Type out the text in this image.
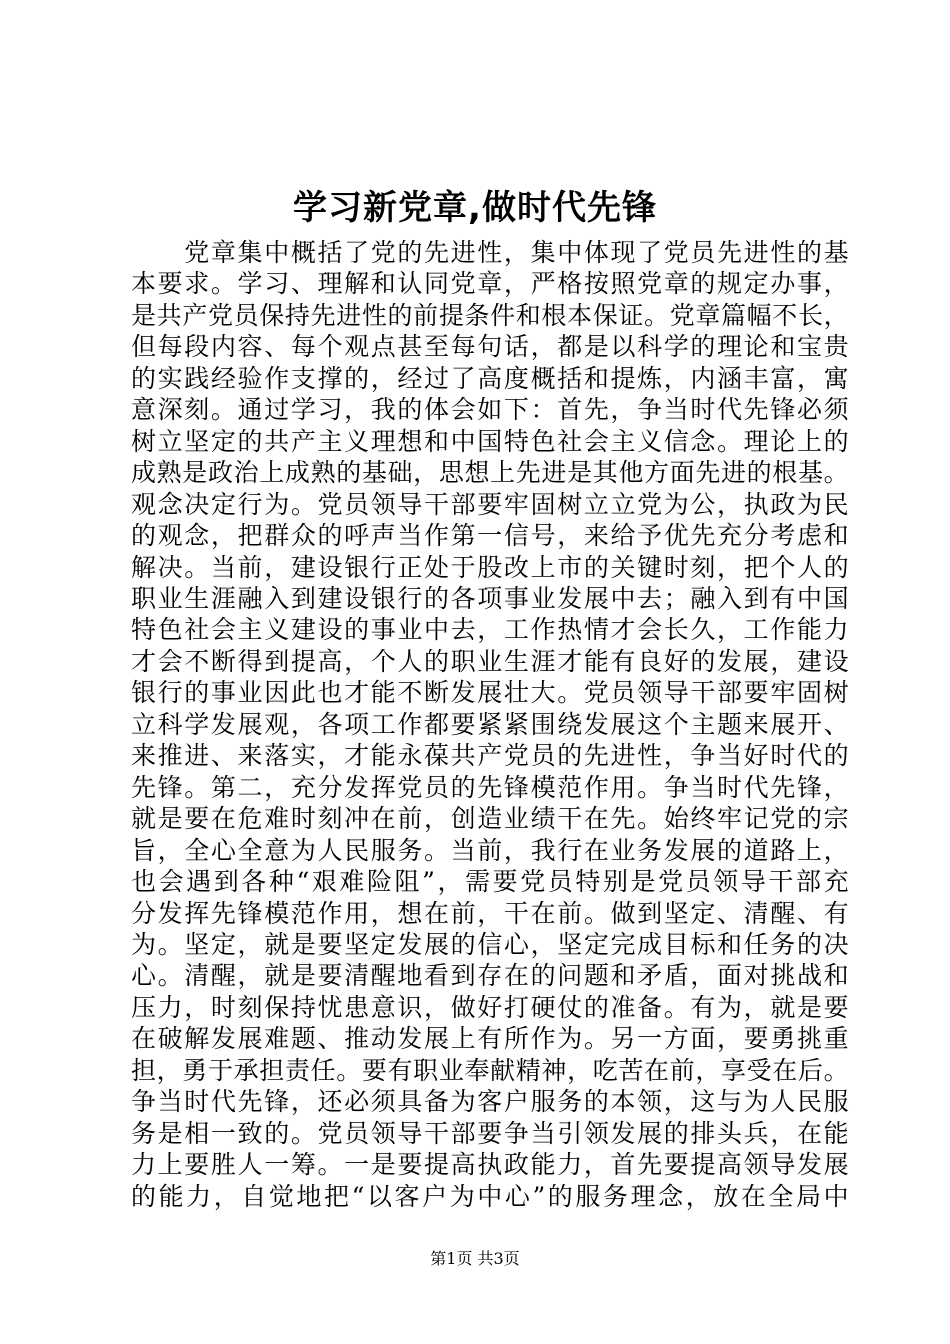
学习新党章,做时代先锋
　　党章集中概括了党的先进性，集中体现了党员先进性的基
本要求。学习、理解和认同党章，严格按照党章的规定办事，
是共产党员保持先进性的前提条件和根本保证。党章篇幅不长，
但每段内容、每个观点甚至每句话，都是以科学的理论和宝贵
的实践经验作支撑的，经过了高度概括和提炼，内涵丰富，寓
意深刻。通过学习，我的体会如下：首先，争当时代先锋必须
树立坚定的共产主义理想和中国特色社会主义信念。理论上的
成熟是政治上成熟的基础，思想上先进是其他方面先进的根基。
观念决定行为。党员领导干部要牢固树立立党为公，执政为民
的观念，把群众的呼声当作第一信号，来给予优先充分考虑和
解决。当前，建设银行正处于股改上市的关键时刻，把个人的
职业生涯融入到建设银行的各项事业发展中去；融入到有中国
特色社会主义建设的事业中去，工作热情才会长久，工作能力
才会不断得到提高，个人的职业生涯才能有良好的发展，建设
银行的事业因此也才能不断发展壮大。党员领导干部要牢固树
立科学发展观，各项工作都要紧紧围绕发展这个主题来展开、
来推进、来落实，才能永葆共产党员的先进性，争当好时代的
先锋。第二，充分发挥党员的先锋模范作用。争当时代先锋，
就是要在危难时刻冲在前，创造业绩干在先。始终牢记党的宗
旨，全心全意为人民服务。当前，我行在业务发展的道路上，
也会遇到各种“艰难险阻”，需要党员特别是党员领导干部充
分发挥先锋模范作用，想在前，干在前。做到坚定、清醒、有
为。坚定，就是要坚定发展的信心，坚定完成目标和任务的决
心。清醒，就是要清醒地看到存在的问题和矛盾，面对挑战和
压力，时刻保持忧患意识，做好打硬仗的准备。有为，就是要
在破解发展难题、推动发展上有所作为。另一方面，要勇挑重
担，勇于承担责任。要有职业奉献精神，吃苦在前，享受在后。
争当时代先锋，还必须具备为客户服务的本领，这与为人民服
务是相一致的。党员领导干部要争当引领发展的排头兵，在能
力上要胜人一筹。一是要提高执政能力，首先要提高领导发展
的能力，自觉地把“以客户为中心”的服务理念，放在全局中
第1页 共3页
